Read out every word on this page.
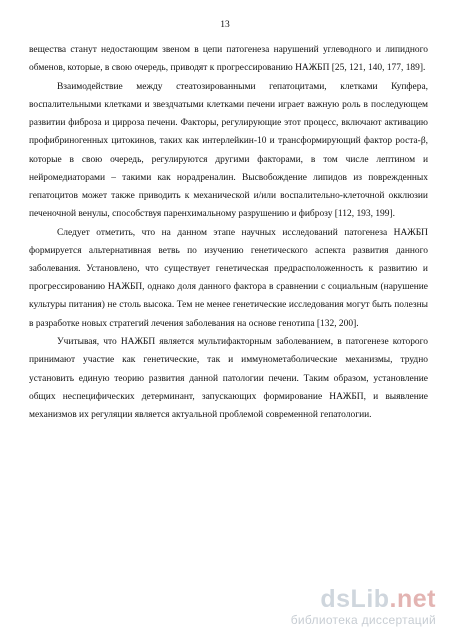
13

вещества станут недостающим звеном в цепи патогенеза нарушений углеводного и липидного обменов, которые, в свою очередь, приводят к прогрессированию НАЖБП [25, 121, 140, 177, 189].

Взаимодействие между стеатозированными гепатоцитами, клетками Купфера, воспалительными клетками и звездчатыми клетками печени играет важную роль в последующем развитии фиброза и цирроза печени. Факторы, регулирующие этот процесс, включают активацию профибриногенных цитокинов, таких как интерлейкин-10 и трансформирующий фактор роста-β, которые в свою очередь, регулируются другими факторами, в том числе лептином и нейромедиаторами – такими как норадреналин. Высвобождение липидов из поврежденных гепатоцитов может также приводить к механической и/или воспалительно-клеточной окклюзии печеночной венулы, способствуя паренхимальному разрушению и фиброзу [112, 193, 199].

Следует отметить, что на данном этапе научных исследований патогенеза НАЖБП формируется альтернативная ветвь по изучению генетического аспекта развития данного заболевания. Установлено, что существует генетическая предрасположенность к развитию и прогрессированию НАЖБП, однако доля данного фактора в сравнении с социальным (нарушение культуры питания) не столь высока. Тем не менее генетические исследования могут быть полезны в разработке новых стратегий лечения заболевания на основе генотипа [132, 200].

Учитывая, что НАЖБП является мультифакторным заболеванием, в патогенезе которого принимают участие как генетические, так и иммунометаболические механизмы, трудно установить единую теорию развития данной патологии печени. Таким образом, установление общих неспецифических детерминант, запускающих формирование НАЖБП, и выявление механизмов их регуляции является актуальной проблемой современной гепатологии.

dsLib.net
библиотека диссертаций
